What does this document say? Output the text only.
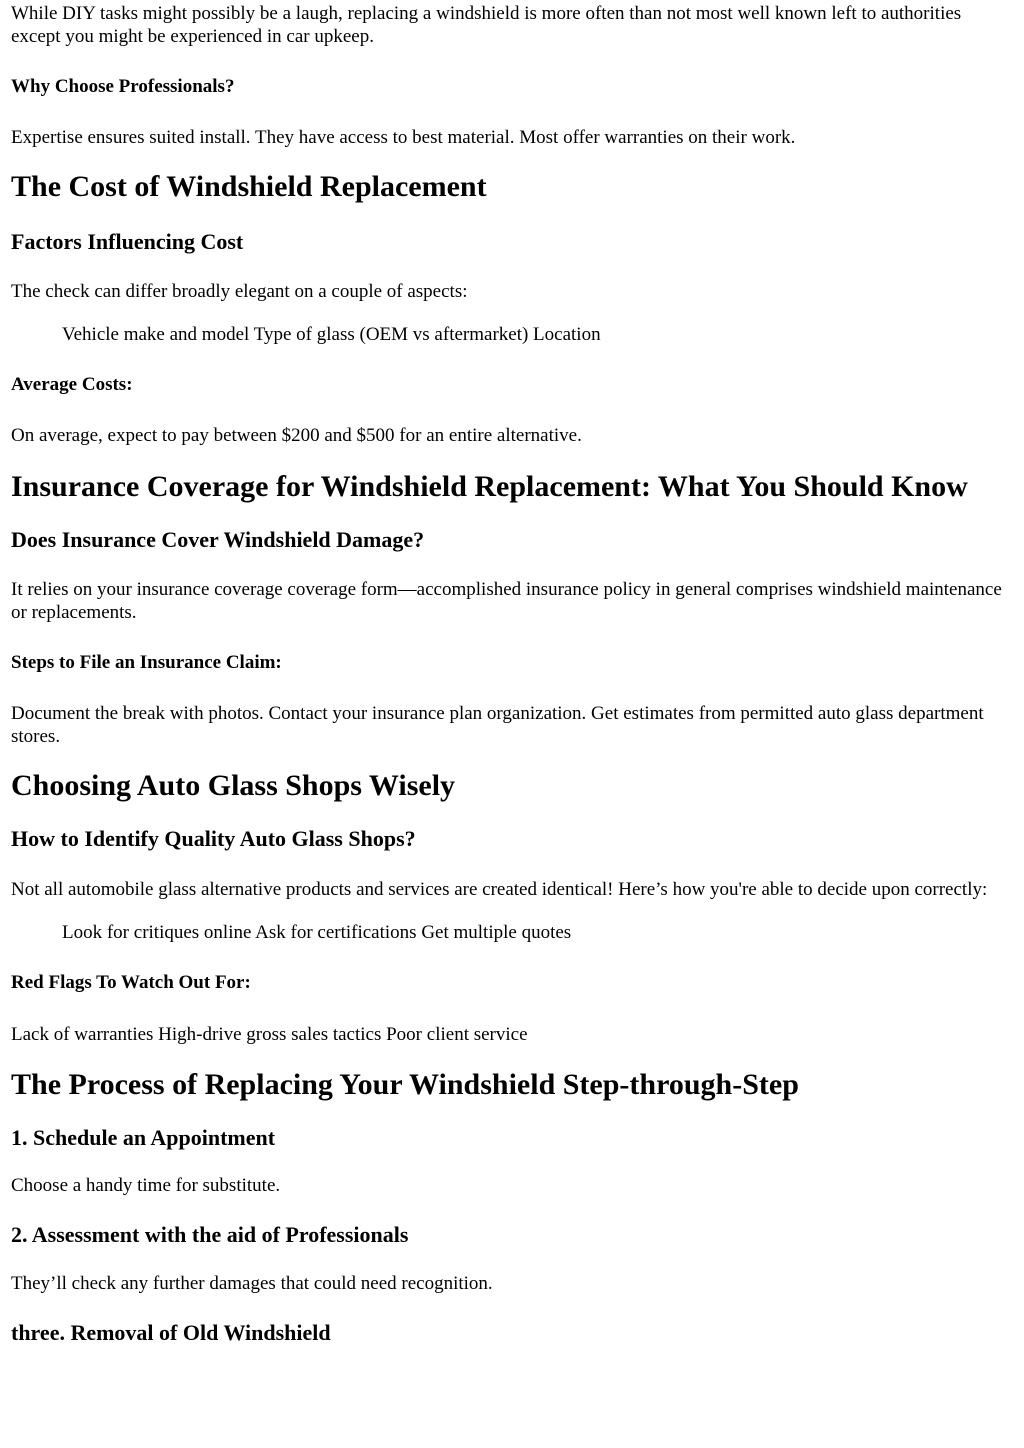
While DIY tasks might possibly be a laugh, replacing a windshield is more often than not most well known left to authorities except you might be experienced in car upkeep.

Why Choose Professionals?

Expertise ensures suited install. They have access to best material. Most offer warranties on their work.

The Cost of Windshield Replacement
Factors Influencing Cost

The check can differ broadly elegant on a couple of aspects:

Vehicle make and model Type of glass (OEM vs aftermarket) Location

Average Costs:

On average, expect to pay between $200 and $500 for an entire alternative.

Insurance Coverage for Windshield Replacement: What You Should Know
Does Insurance Cover Windshield Damage?

It relies on your insurance coverage coverage form—accomplished insurance policy in general comprises windshield maintenance or replacements.

Steps to File an Insurance Claim:

Document the break with photos. Contact your insurance plan organization. Get estimates from permitted auto glass department stores.

Choosing Auto Glass Shops Wisely
How to Identify Quality Auto Glass Shops?

Not all automobile glass alternative products and services are created identical! Here’s how you're able to decide upon correctly:

Look for critiques online Ask for certifications Get multiple quotes

Red Flags To Watch Out For:

Lack of warranties High-drive gross sales tactics Poor client service

The Process of Replacing Your Windshield Step-through-Step
1. Schedule an Appointment

Choose a handy time for substitute.

2. Assessment with the aid of Professionals

They’ll check any further damages that could need recognition.

three. Removal of Old Windshield
